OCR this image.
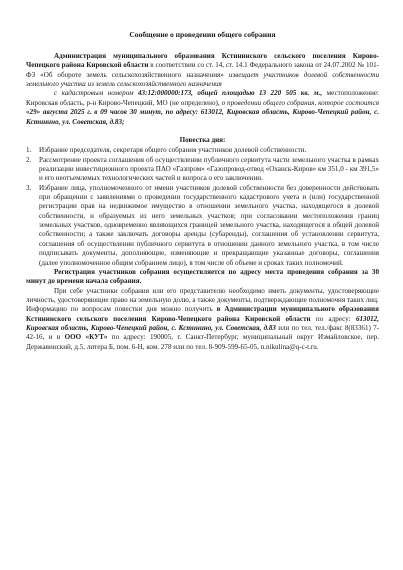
Сообщение о проведении общего собрания

Администрация муниципального образования Кстининского сельского поселения Кирово-Чепецкого района Кировской области в соответствии со ст. 14, ст. 14.1 Федерального закона от 24.07.2002 № 101-ФЗ «Об обороте земель сельскохозяйственного назначения» извещает участников долевой собственности земельного участка из земель сельскохозяйственного назначения

с кадастровым номером 43:12:000000:173, общей площадью 13 220 505 кв. м., местоположение: Кировская область, р-н Кирово-Чепецкий, МО (не определено), о проведении общего собрания, которое состоится «29» августа 2025 г. в 09 часов 30 минут, по адресу: 613012, Кировская область, Кирово-Чепецкий район, с. Кстинино, ул. Советская, д.83;

Повестка дня:
1. Избрание председателя, секретаря общего собрания участников долевой собственности.
2. Рассмотрение проекта соглашения об осуществлении публичного сервитута части земельного участка в рамках реализации инвестиционного проекта ПАО «Газпром» «Газопровод-отвод «Оханск-Киров» км 351,0 - км 391,5» и его неотъемлемых технологических частей и вопроса о его заключении.
3. Избрание лица, уполномоченного от имени участников долевой собственности без доверенности действовать при обращении с заявлениями о проведении государственного кадастрового учета и (или) государственной регистрации прав на недвижимое имущество в отношении земельного участка, находящегося в долевой собственности, и образуемых из него земельных участков; при согласовании местоположения границ земельных участков, одновременно являющихся границей земельного участка, находящегося в общей долевой собственности; а также заключать договоры аренды (субаренды), соглашения об установлении сервитута, соглашения об осуществлении публичного сервитута в отношении данного земельного участка, в том числе подписывать документы, дополняющие, изменяющие и прекращающие указанные договоры, соглашения (далее уполномоченное общим собранием лицо), в том числе об объеме и сроках таких полномочий.

Регистрация участников собрания осуществляется по адресу места проведения собрания за 30 минут до времени начала собрания.

При себе участники собрания или его представителю необходимо иметь документы, удостоверяющие личность, удостоверяющие право на земельную долю, а также документы, подтверждающие полномочия таких лиц.

Информацию по вопросам повестки дня можно получить в Администрации муниципального образования Кстининского сельского поселения Кирово-Чепецкого района Кировской области по адресу: 613012, Кировская область, Кирово-Чепецкий район, с. Кстинино, ул. Советская, д.83 или по тел. тел./факс 8(83361) 7-42-16, и в ООО «КУТ» по адресу: 190005, г. Санкт-Петербург, муниципальный округ Измайловское, пер. Державинский, д.5, литера Б, пом. 6-Н, ком. 278 или по тел. 8-909-599-65-05, n.nikulina@q-c-t.ru.
